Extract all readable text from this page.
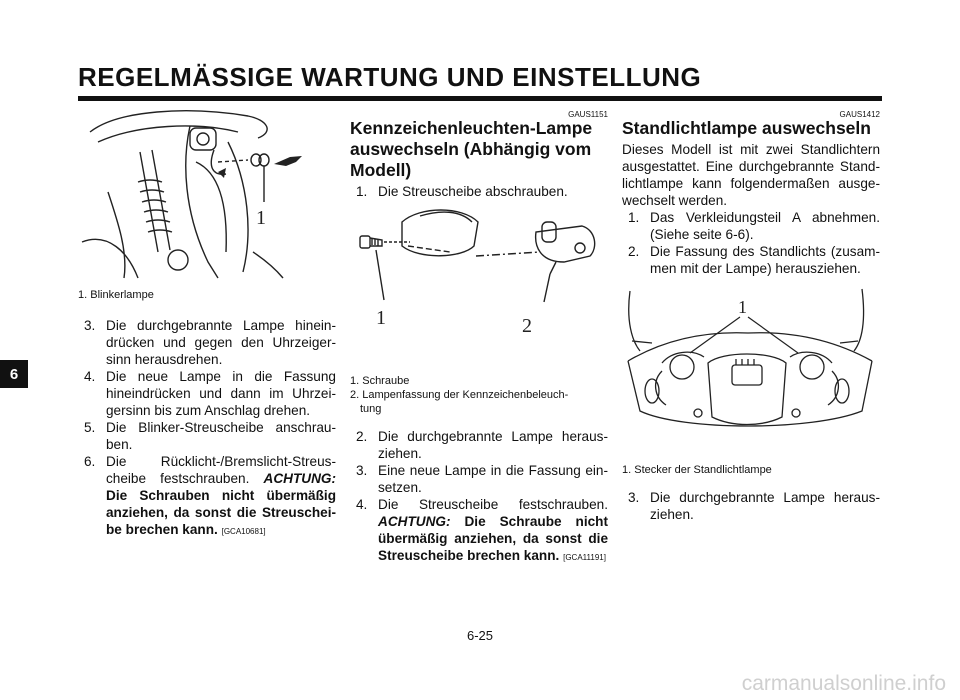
REGELMÄSSIGE WARTUNG UND EINSTELLUNG
6
1
1. Blinkerlampe
3. Die durchgebrannte Lampe hinein-drücken und gegen den Uhrzeiger-sinn herausdrehen.
4. Die neue Lampe in die Fassung hineindrücken und dann im Uhrzei-gersinn bis zum Anschlag drehen.
5. Die Blinker-Streuscheibe anschrau-ben.
6. Die Rücklicht-/Bremslicht-Streus-cheibe festschrauben. ACHTUNG: Die Schrauben nicht übermäßig anziehen, da sonst die Streuschei-be brechen kann. [GCA10681]
GAUS1151
Kennzeichenleuchten-Lampe auswechseln (Abhängig vom Modell)
1. Die Streuscheibe abschrauben.
1	2
1. Schraube
2. Lampenfassung der Kennzeichenbeleuch-
tung
2. Die durchgebrannte Lampe heraus-ziehen.
3. Eine neue Lampe in die Fassung ein-setzen.
4. Die Streuscheibe festschrauben. ACHTUNG: Die Schraube nicht übermäßig anziehen, da sonst die Streuscheibe brechen kann. [GCA11191]
GAUS1412
Standlichtlampe auswechseln
Dieses Modell ist mit zwei Standlichtern ausgestattet. Eine durchgebrannte Stand-lichtlampe kann folgendermaßen ausge-wechselt werden.
1. Das Verkleidungsteil A abnehmen. (Siehe seite 6-6).
2. Die Fassung des Standlichts (zusam-men mit der Lampe) herausziehen.
1
1. Stecker der Standlichtlampe
3. Die durchgebrannte Lampe heraus-ziehen.
6-25
carmanualsonline.info
